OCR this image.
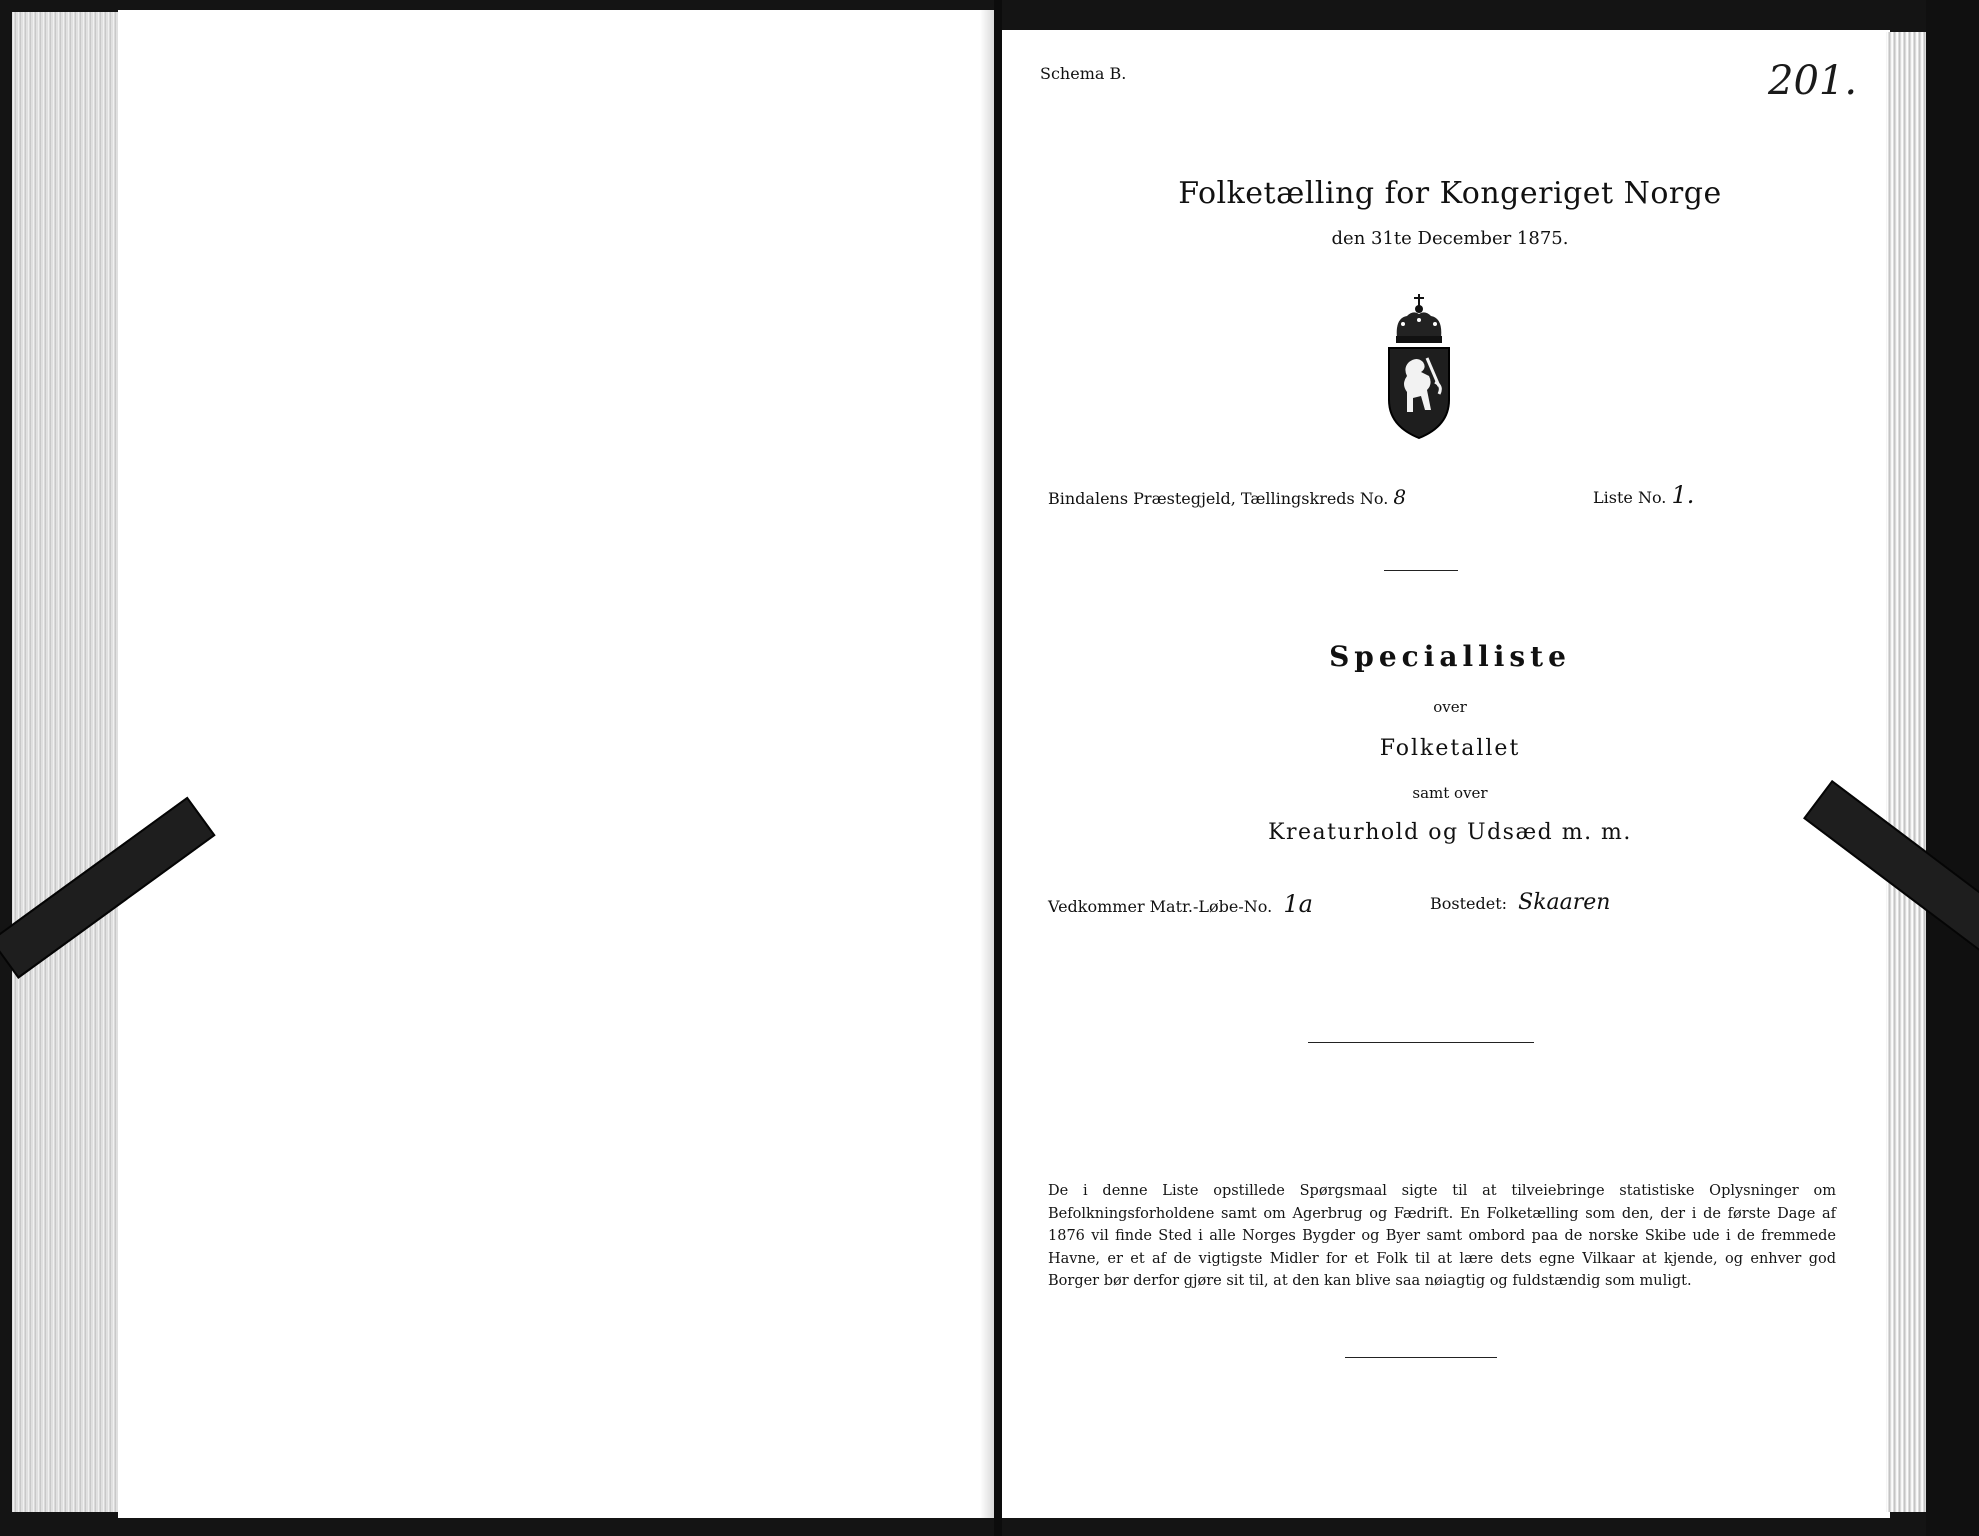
Schema B.	201.
Folketælling for Kongeriget Norge
den 31te December 1875.
Bindalens Præstegjeld, Tællingskreds No. 8	Liste No. 1.
Specialliste
over
Folketallet
samt over
Kreaturhold og Udsæd m. m.
Vedkommer Matr.-Løbe-No. 1a	Bostedet: Skaaren

De i denne Liste opstillede Spørgsmaal sigte til at tilveiebringe statistiske Oplysninger om Befolkningsforholdene samt om Agerbrug og Fædrift. En Folketælling som den, der i de første Dage af 1876 vil finde Sted i alle Norges Bygder og Byer samt ombord paa de norske Skibe ude i de fremmede Havne, er et af de vigtigste Midler for et Folk til at lære dets egne Vilkaar at kjende, og enhver god Borger bør derfor gjøre sit til, at den kan blive saa nøiagtig og fuldstændig som muligt.
